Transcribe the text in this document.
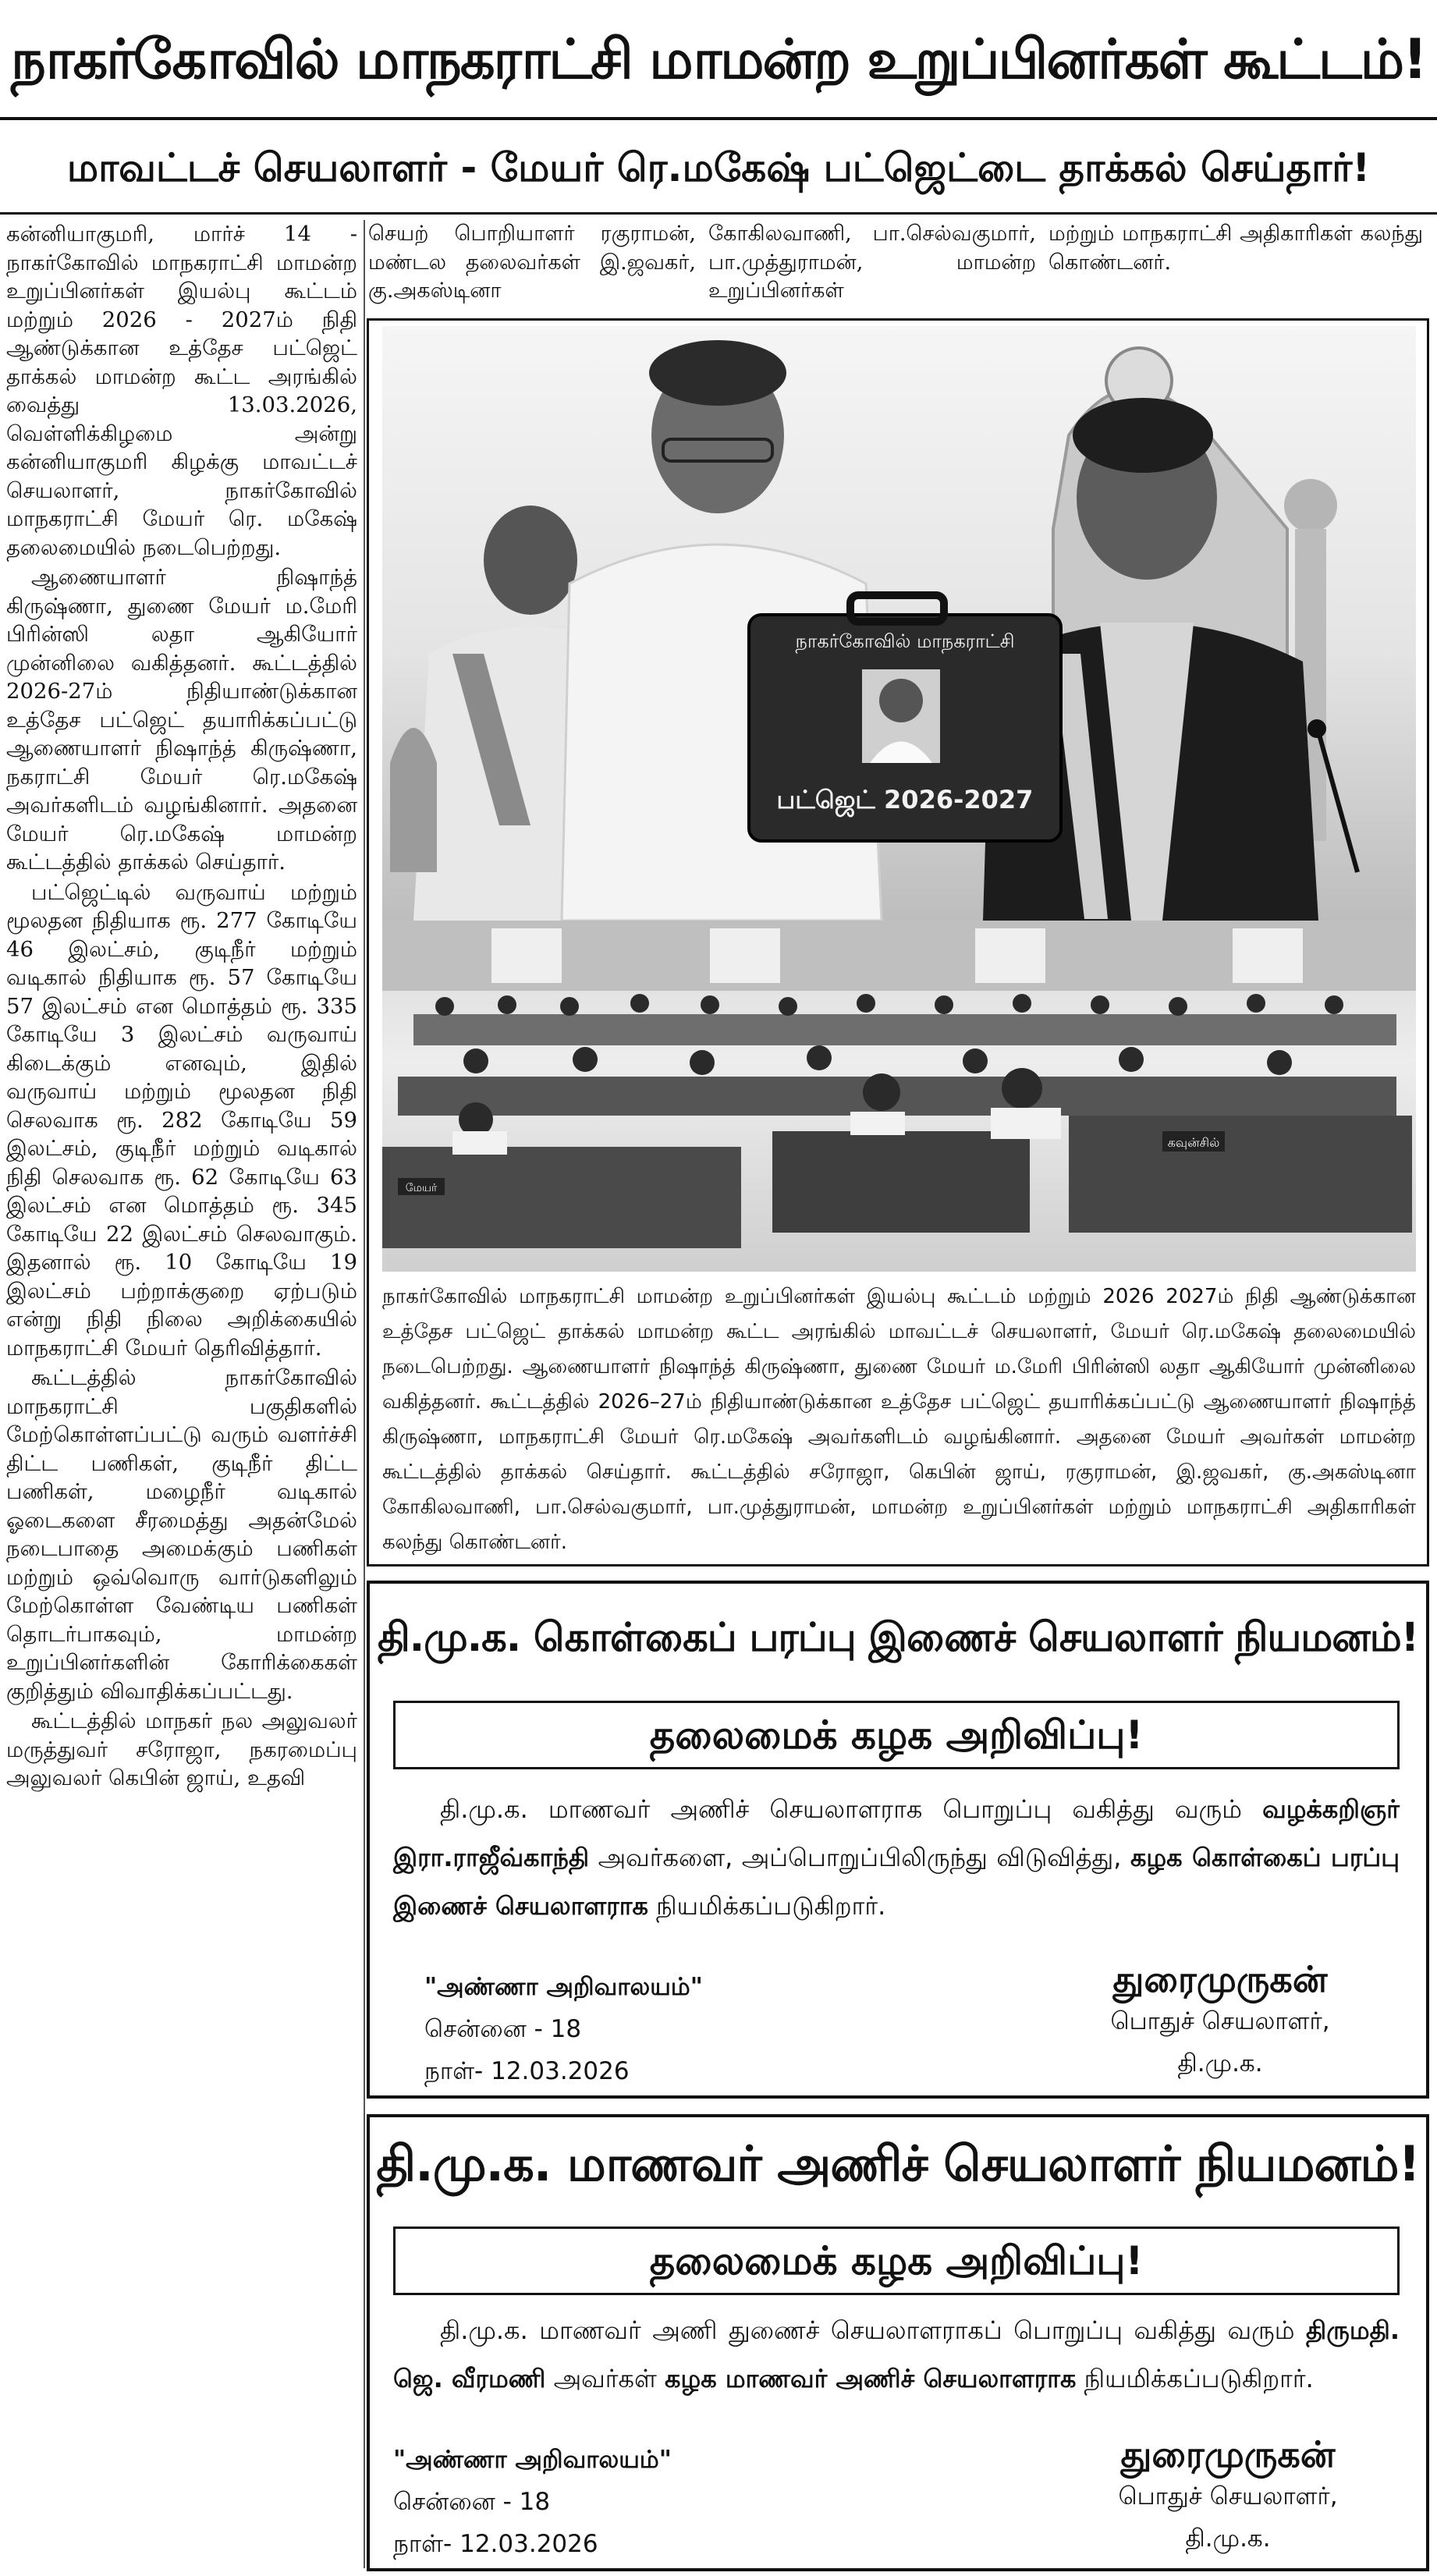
நாகர்கோவில் மாநகராட்சி மாமன்ற உறுப்பினர்கள் கூட்டம்!
மாவட்டச் செயலாளர் - மேயர் ரெ.மகேஷ் பட்ஜெட்டை தாக்கல் செய்தார்!

கன்னியாகுமரி, மார்ச் 14 - நாகர்கோவில் மாநகராட்சி மாமன்ற உறுப்பினர்கள் இயல்பு கூட்டம் மற்றும் 2026 - 2027ம் நிதி ஆண்டுக்கான உத்தேச பட்ஜெட் தாக்கல் மாமன்ற கூட்ட அரங்கில் வைத்து 13.03.2026, வெள்ளிக்கிழமை அன்று கன்னியாகுமரி கிழக்கு மாவட்டச் செயலாளர், நாகர்கோவில் மாநகராட்சி மேயர் ரெ. மகேஷ் தலைமையில் நடைபெற்றது.

ஆணையாளர் நிஷாந்த் கிருஷ்ணா, துணை மேயர் ம.மேரி பிரின்ஸி லதா ஆகியோர் முன்னிலை வகித்தனர். கூட்டத்தில் 2026-27ம் நிதியாண்டுக்கான உத்தேச பட்ஜெட் தயாரிக்கப்பட்டு ஆணையாளர் நிஷாந்த் கிருஷ்ணா, நகராட்சி மேயர் ரெ.மகேஷ் அவர்களிடம் வழங்கினார். அதனை மேயர் ரெ.மகேஷ் மாமன்ற கூட்டத்தில் தாக்கல் செய்தார்.

பட்ஜெட்டில் வருவாய் மற்றும் மூலதன நிதியாக ரூ. 277 கோடியே 46 இலட்சம், குடிநீர் மற்றும் வடிகால் நிதியாக ரூ. 57 கோடியே 57 இலட்சம் என மொத்தம் ரூ. 335 கோடியே 3 இலட்சம் வருவாய் கிடைக்கும் எனவும், இதில் வருவாய் மற்றும் மூலதன நிதி செலவாக ரூ. 282 கோடியே 59 இலட்சம், குடிநீர் மற்றும் வடிகால் நிதி செலவாக ரூ. 62 கோடியே 63 இலட்சம் என மொத்தம் ரூ. 345 கோடியே 22 இலட்சம் செலவாகும். இதனால் ரூ. 10 கோடியே 19 இலட்சம் பற்றாக்குறை ஏற்படும் என்று நிதி நிலை அறிக்கையில் மாநகராட்சி மேயர் தெரிவித்தார்.

கூட்டத்தில் நாகர்கோவில் மாநகராட்சி பகுதிகளில் மேற்கொள்ளப்பட்டு வரும் வளர்ச்சி திட்ட பணிகள், குடிநீர் திட்ட பணிகள், மழைநீர் வடிகால் ஓடைகளை சீரமைத்து அதன்மேல் நடைபாதை அமைக்கும் பணிகள் மற்றும் ஒவ்வொரு வார்டுகளிலும் மேற்கொள்ள வேண்டிய பணிகள் தொடர்பாகவும், மாமன்ற உறுப்பினர்களின் கோரிக்கைகள் குறித்தும் விவாதிக்கப்பட்டது.

கூட்டத்தில் மாநகர் நல அலுவலர் மருத்துவர் சரோஜா, நகரமைப்பு அலுவலர் கெபின் ஜாய், உதவி

செயற் பொறியாளர் ரகுராமன், மண்டல தலைவர்கள் இ.ஜவகர், கு.அகஸ்டினா
கோகிலவாணி, பா.செல்வகுமார், பா.முத்துராமன், மாமன்ற உறுப்பினர்கள்
மற்றும் மாநகராட்சி அதிகாரிகள் கலந்து கொண்டனர்.
நாகர்கோவில் மாநகராட்சி
பட்ஜெட் 2026-2027
கவுன்சில்
மேயர்
நாகர்கோவில் மாநகராட்சி மாமன்ற உறுப்பினர்கள் இயல்பு கூட்டம் மற்றும் 2026 2027ம் நிதி ஆண்டுக்கான உத்தேச பட்ஜெட் தாக்கல் மாமன்ற கூட்ட அரங்கில் மாவட்டச் செயலாளர், மேயர் ரெ.மகேஷ் தலைமையில் நடைபெற்றது. ஆணையாளர் நிஷாந்த் கிருஷ்ணா, துணை மேயர் ம.மேரி பிரின்ஸி லதா ஆகியோர் முன்னிலை வகித்தனர். கூட்டத்தில் 2026–27ம் நிதியாண்டுக்கான உத்தேச பட்ஜெட் தயாரிக்கப்பட்டு ஆணையாளர் நிஷாந்த் கிருஷ்ணா, மாநகராட்சி மேயர் ரெ.மகேஷ் அவர்களிடம் வழங்கினார். அதனை மேயர் அவர்கள் மாமன்ற கூட்டத்தில் தாக்கல் செய்தார். கூட்டத்தில் சரோஜா, கெபின் ஜாய், ரகுராமன், இ.ஜவகர், கு.அகஸ்டினா கோகிலவாணி, பா.செல்வகுமார், பா.முத்துராமன், மாமன்ற உறுப்பினர்கள் மற்றும் மாநகராட்சி அதிகாரிகள் கலந்து கொண்டனர்.
தி.மு.க. கொள்கைப் பரப்பு இணைச் செயலாளர் நியமனம்!
தலைமைக் கழக அறிவிப்பு!
தி.மு.க. மாணவர் அணிச் செயலாளராக பொறுப்பு வகித்து வரும் வழக்கறிஞர் இரா.ராஜீவ்காந்தி அவர்களை, அப்பொறுப்பிலிருந்து விடுவித்து, கழக கொள்கைப் பரப்பு இணைச் செயலாளராக நியமிக்கப்படுகிறார்.
"அண்ணா அறிவாலயம்"
சென்னை - 18
நாள்- 12.03.2026
துரைமுருகன்
பொதுச் செயலாளர்,
தி.மு.க.
தி.மு.க. மாணவர் அணிச் செயலாளர் நியமனம்!
தலைமைக் கழக அறிவிப்பு!
தி.மு.க. மாணவர் அணி துணைச் செயலாளராகப் பொறுப்பு வகித்து வரும் திருமதி. ஜெ. வீரமணி அவர்கள் கழக மாணவர் அணிச் செயலாளராக நியமிக்கப்படுகிறார்.
"அண்ணா அறிவாலயம்"
சென்னை - 18
நாள்- 12.03.2026
துரைமுருகன்
பொதுச் செயலாளர்,
தி.மு.க.
